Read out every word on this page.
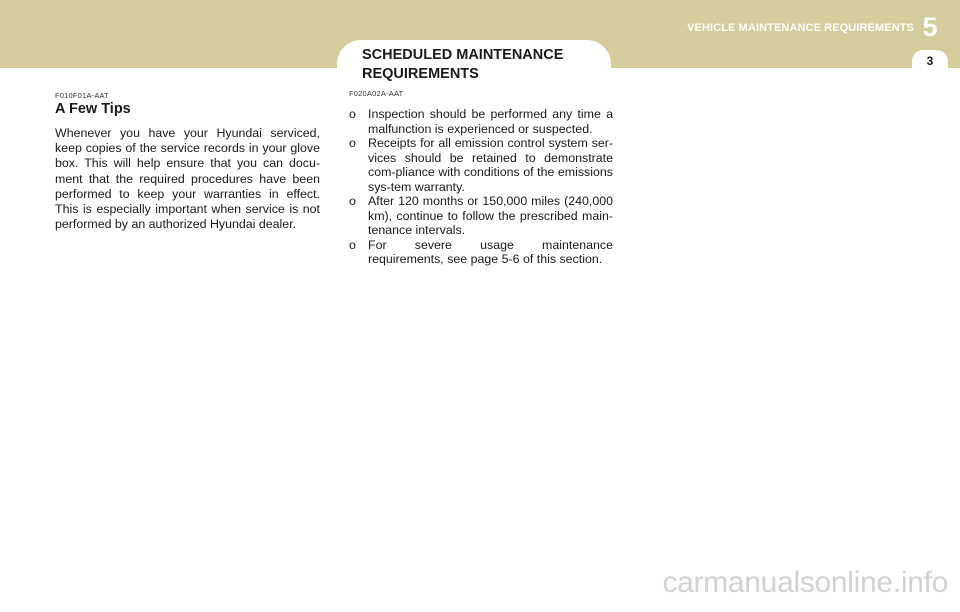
SCHEDULED MAINTENANCE REQUIREMENTS
VEHICLE MAINTENANCE REQUIREMENTS 5
3
F010F01A-AAT
A Few Tips

Whenever you have your Hyundai serviced, keep copies of the service records in your glove box. This will help ensure that you can docu-ment that the required procedures have been performed to keep your warranties in effect. This is especially important when service is not performed by an authorized Hyundai dealer.

F020A02A-AAT
o Inspection should be performed any time a malfunction is experienced or suspected.
o Receipts for all emission control system ser-vices should be retained to demonstrate com-pliance with conditions of the emissions sys-tem warranty.
o After 120 months or 150,000 miles (240,000 km), continue to follow the prescribed main-tenance intervals.
o For severe usage maintenance requirements, see page 5-6 of this section.
carmanualsonline.info
